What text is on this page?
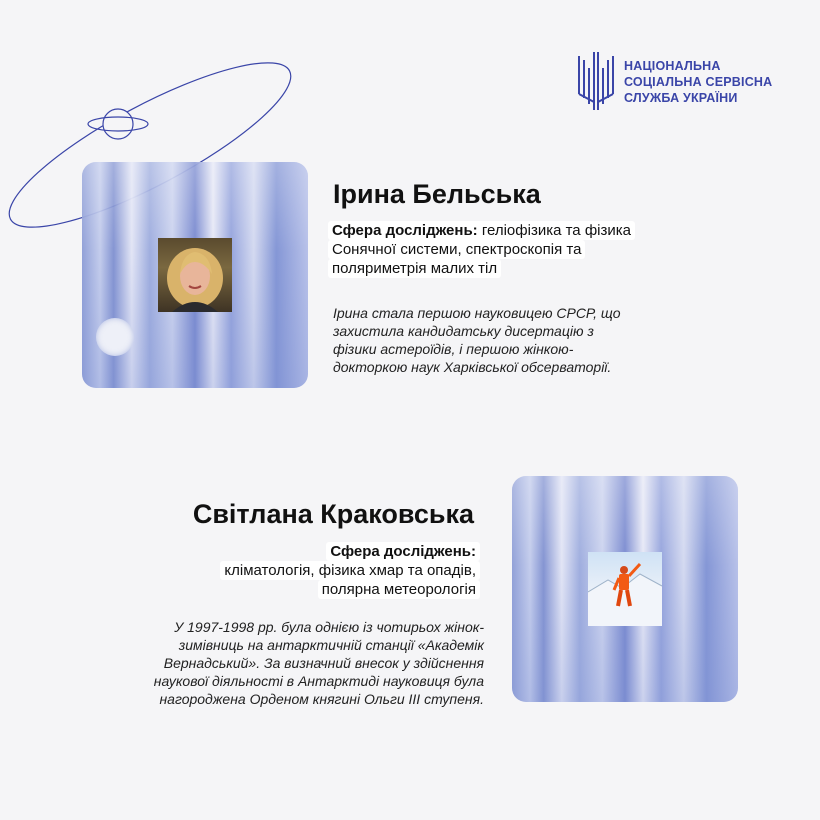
НАЦІОНАЛЬНА
СОЦІАЛЬНА СЕРВІСНА
СЛУЖБА УКРАЇНИ
Ірина Бельська
Сфера досліджень: геліофізика та фізика
Сонячної системи, спектроскопія та
поляриметрія малих тіл
Ірина стала першою науковицею СРСР, що
захистила кандидатську дисертацію з
фізики астероїдів, і першою жінкою-
докторкою наук Харківської обсерваторії.
Світлана Краковська
Сфера досліджень:
кліматологія, фізика хмар та опадів,
полярна метеорологія
У 1997-1998 рр. була однією із чотирьох жінок-
зимівниць на антарктичній станції «Академік
Вернадський». За визначний внесок у здійснення
наукової діяльності в Антарктиді науковиця була
нагороджена Орденом княгині Ольги ІІІ ступеня.
